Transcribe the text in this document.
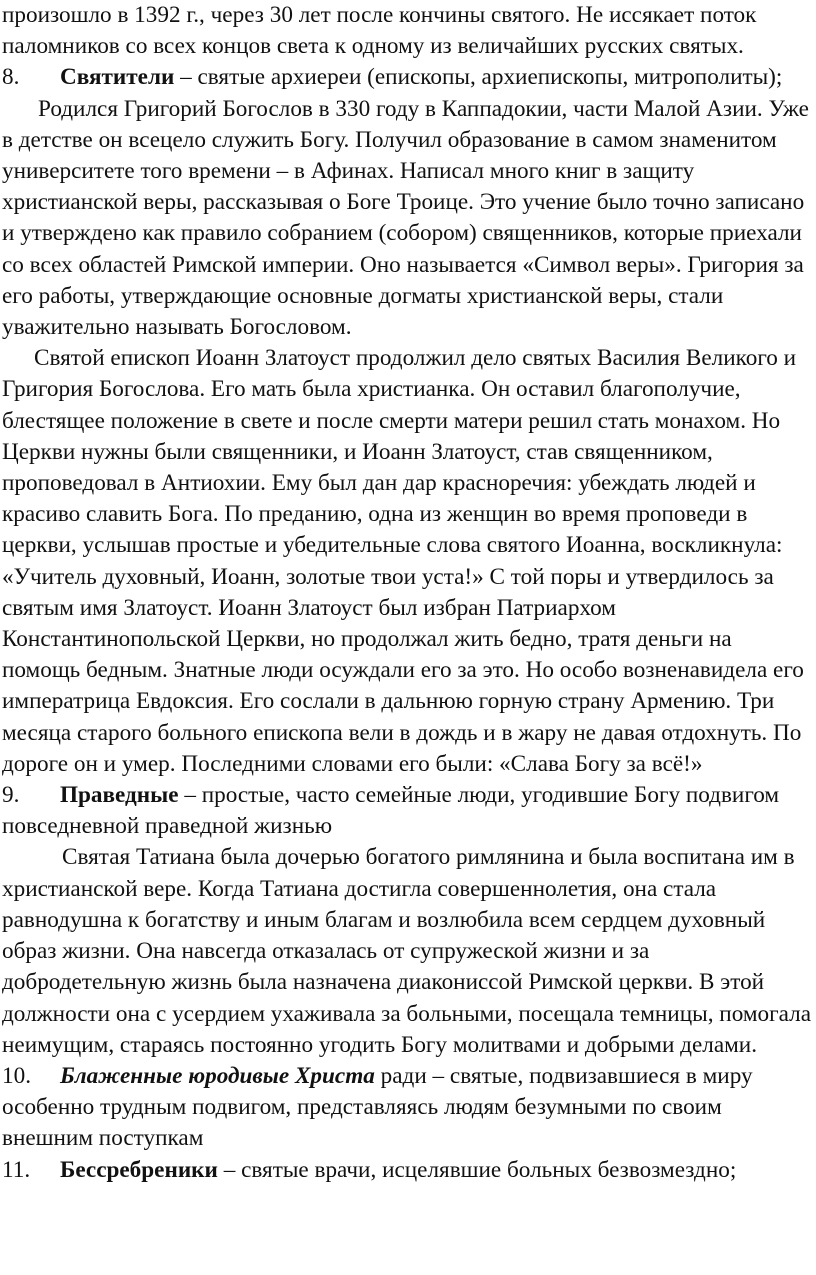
произошло в 1392 г., через 30 лет после кончины святого. Не иссякает поток паломников со всех концов света к одному из величайших русских святых.

8. Святители – святые архиереи (епископы, архиепископы, митрополиты);

Родился Григорий Богослов в 330 году в Каппадокии, части Малой Азии. Уже в детстве он всецело служить Богу. Получил образование в самом знаменитом университете того времени – в Афинах. Написал много книг в защиту христианской веры, рассказывая о Боге Троице. Это учение было точно записано и утверждено как правило собранием (собором) священников, которые приехали со всех областей Римской империи. Оно называется «Символ веры». Григория за его работы, утверждающие основные догматы христианской веры, стали уважительно называть Богословом.

Святой епископ Иоанн Златоуст продолжил дело святых Василия Великого и Григория Богослова. Его мать была христианка. Он оставил благополучие, блестящее положение в свете и после смерти матери решил стать монахом. Но Церкви нужны были священники, и Иоанн Златоуст, став священником, проповедовал в Антиохии. Ему был дан дар красноречия: убеждать людей и красиво славить Бога. По преданию, одна из женщин во время проповеди в церкви, услышав простые и убедительные слова святого Иоанна, воскликнула: «Учитель духовный, Иоанн, золотые твои уста!» С той поры и утвердилось за святым имя Златоуст. Иоанн Златоуст был избран Патриархом Константинопольской Церкви, но продолжал жить бедно, тратя деньги на помощь бедным. Знатные люди осуждали его за это. Но особо возненавидела его императрица Евдоксия. Его сослали в дальнюю горную страну Армению. Три месяца старого больного епископа вели в дождь и в жару не давая отдохнуть. По дороге он и умер. Последними словами его были: «Слава Богу за всё!»

9. Праведные – простые, часто семейные люди, угодившие Богу подвигом повседневной праведной жизнью

Святая Татиана была дочерью богатого римлянина и была воспитана им в христианской вере. Когда Татиана достигла совершеннолетия, она стала равнодушна к богатству и иным благам и возлюбила всем сердцем духовный образ жизни. Она навсегда отказалась от супружеской жизни и за добродетельную жизнь была назначена диакониссой Римской церкви. В этой должности она с усердием ухаживала за больными, посещала темницы, помогала неимущим, стараясь постоянно угодить Богу молитвами и добрыми делами.

10. Блаженные юродивые Христа ради – святые, подвизавшиеся в миру особенно трудным подвигом, представляясь людям безумными по своим внешним поступкам

11. Бессребреники – святые врачи, исцелявшие больных безвозмездно;
